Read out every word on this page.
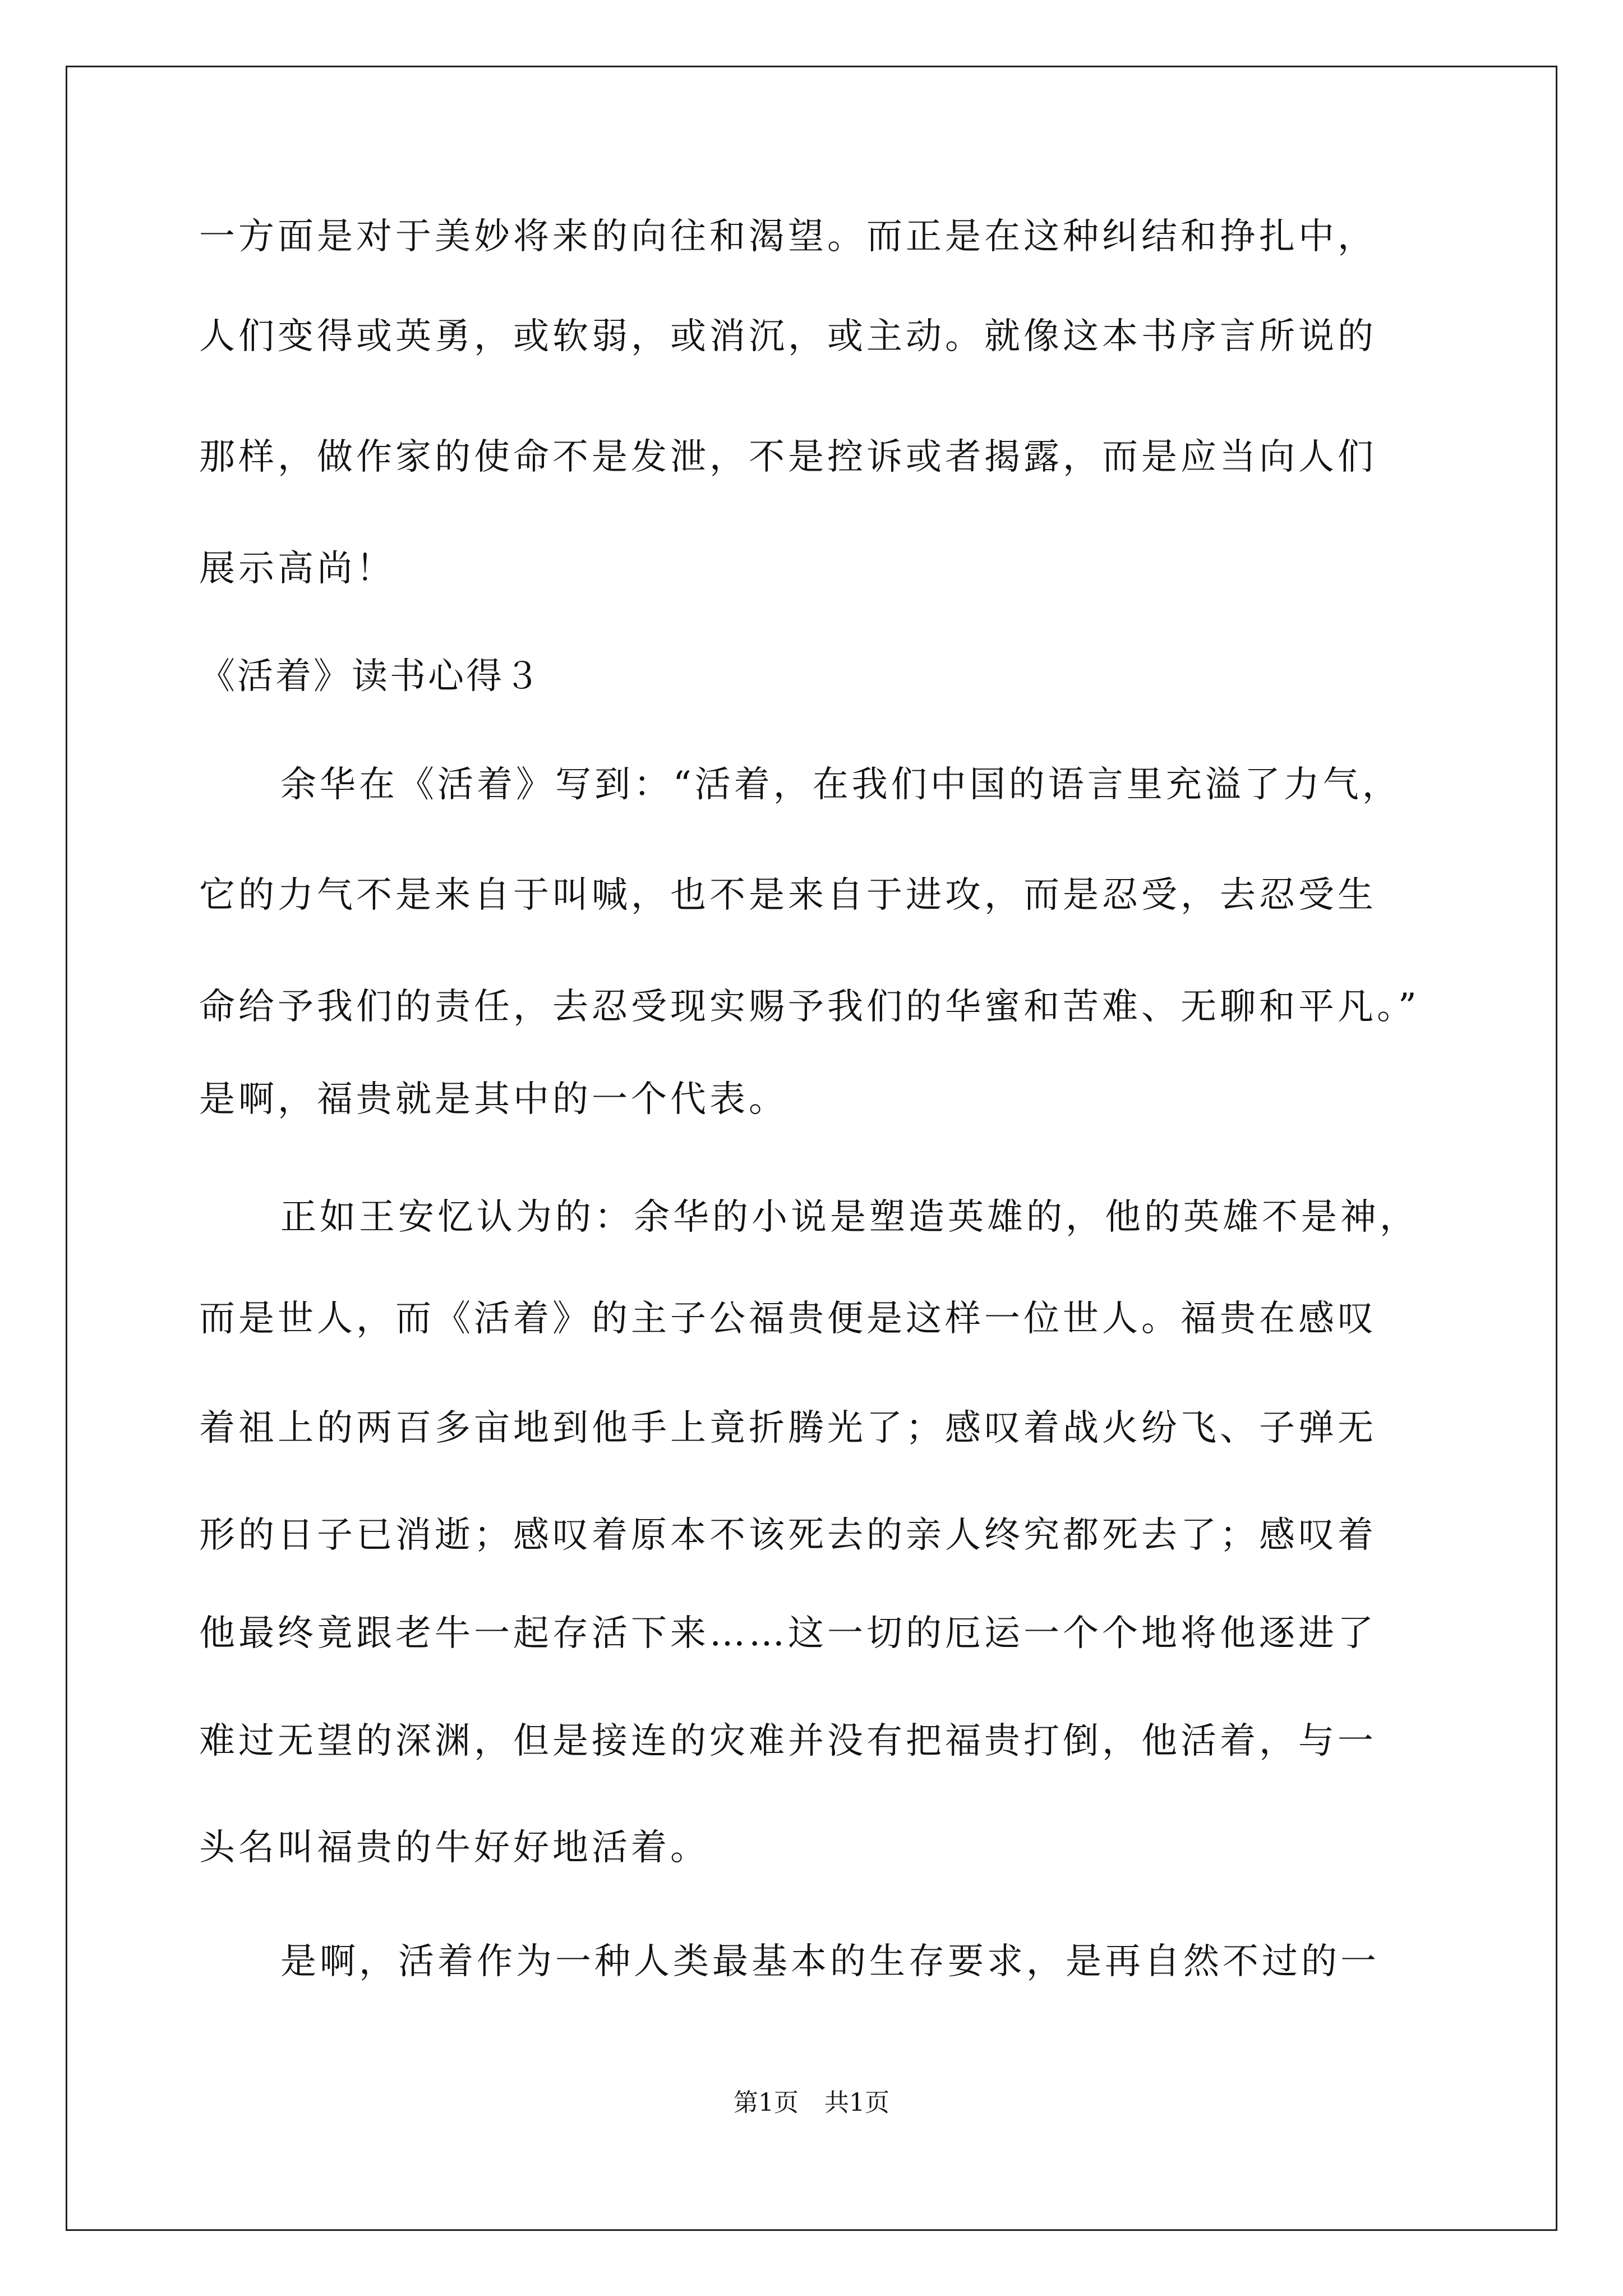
一方面是对于美妙将来的向往和渴望。而正是在这种纠结和挣扎中，
人们变得或英勇，或软弱，或消沉，或主动。就像这本书序言所说的
那样，做作家的使命不是发泄，不是控诉或者揭露，而是应当向人们
展示高尚！
《活着》读书心得３
余华在《活着》写到：“活着，在我们中国的语言里充溢了力气，
它的力气不是来自于叫喊，也不是来自于进攻，而是忍受，去忍受生
命给予我们的责任，去忍受现实赐予我们的华蜜和苦难、无聊和平凡。”
是啊，福贵就是其中的一个代表。
正如王安忆认为的：余华的小说是塑造英雄的，他的英雄不是神，
而是世人，而《活着》的主子公福贵便是这样一位世人。福贵在感叹
着祖上的两百多亩地到他手上竟折腾光了；感叹着战火纷飞、子弹无
形的日子已消逝；感叹着原本不该死去的亲人终究都死去了；感叹着
他最终竟跟老牛一起存活下来……这一切的厄运一个个地将他逐进了
难过无望的深渊，但是接连的灾难并没有把福贵打倒，他活着，与一
头名叫福贵的牛好好地活着。
是啊，活着作为一种人类最基本的生存要求，是再自然不过的一
第1页 共1页
